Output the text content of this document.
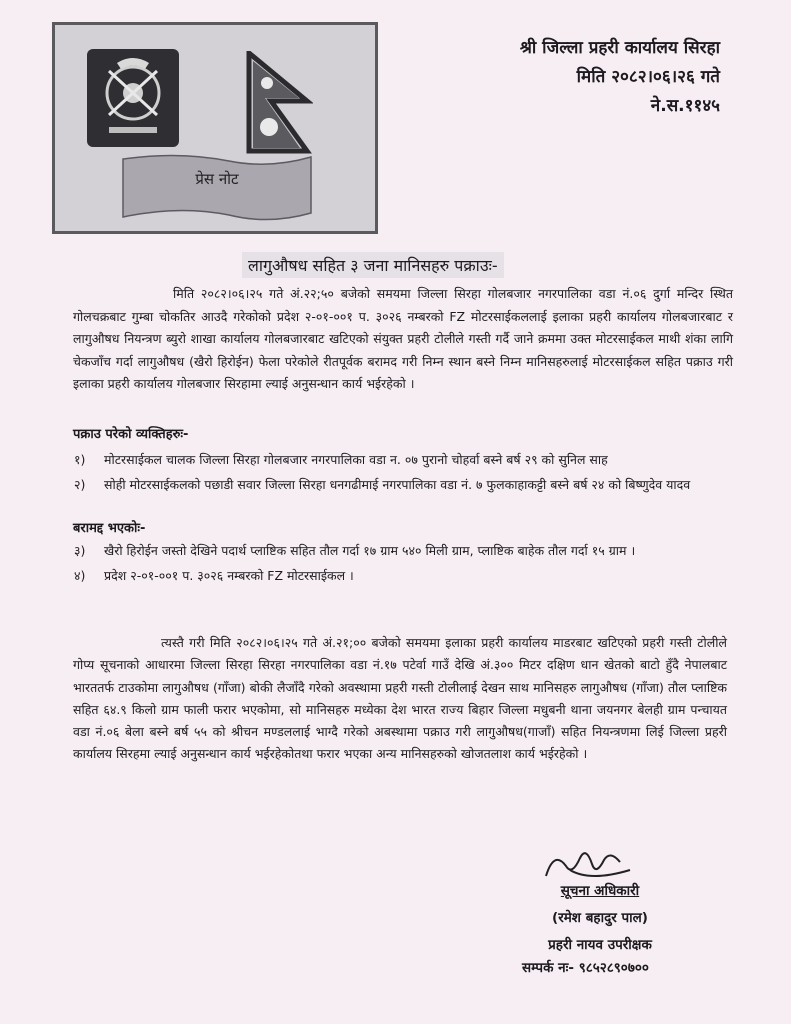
प्रेस नोट
श्री जिल्ला प्रहरी कार्यालय सिरहा
मिति २०८२।०६।२६ गते
ने.स.११४५
लागुऔषध सहित ३ जना मानिसहरु पक्राउः-

मिति २०८२।०६।२५ गते अं.२२;५० बजेको समयमा जिल्ला सिरहा गोलबजार नगरपालिका वडा नं.०६ दुर्गा मन्दिर स्थित गोलचक्रबाट गुम्बा चोकतिर आउदै गरेकोको प्रदेश २-०१-००१ प. ३०२६ नम्बरको FZ मोटरसाईकललाई इलाका प्रहरी कार्यालय गोलबजारबाट र लागुऔषध नियन्त्रण ब्युरो शाखा कार्यालय गोलबजारबाट खटिएको संयुक्त प्रहरी टोलीले गस्ती गर्दै जाने क्रममा उक्त मोटरसाईकल माथी शंका लागि चेकजाँच गर्दा लागुऔषध (खैरो हिरोईन) फेला परेकोले रीतपूर्वक बरामद गरी निम्न स्थान बस्ने निम्न मानिसहरुलाई मोटरसाईकल सहित पक्राउ गरी इलाका प्रहरी कार्यालय गोलबजार सिरहामा ल्याई अनुसन्धान कार्य भईरहेको ।

पक्राउ परेको व्यक्तिहरुः-
१)	मोटरसाईकल चालक जिल्ला सिरहा गोलबजार नगरपालिका वडा न. ०७ पुरानो चोहर्वा बस्ने बर्ष २९ को सुनिल साह
२)	सोही मोटरसाईकलको पछाडी सवार जिल्ला सिरहा धनगढीमाई नगरपालिका वडा नं. ७ फुलकाहाकट्टी बस्ने बर्ष २४ को बिष्णुदेव यादव
बरामद्द भएकोः-
३)	खैरो हिरोईन जस्तो देखिने पदार्थ प्लाष्टिक सहित तौल गर्दा १७ ग्राम ५४० मिली ग्राम, प्लाष्टिक बाहेक तौल गर्दा १५ ग्राम ।
४)	प्रदेश २-०१-००१ प. ३०२६ नम्बरको FZ मोटरसाईकल ।

त्यस्तै गरी मिति २०८२।०६।२५ गते अं.२१;०० बजेको समयमा इलाका प्रहरी कार्यालय माडरबाट खटिएको प्रहरी गस्ती टोलीले गोप्य सूचनाको आधारमा जिल्ला सिरहा सिरहा नगरपालिका वडा नं.१७ पटेर्वा गाउँ देखि अं.३०० मिटर दक्षिण धान खेतको बाटो हुँदै नेपालबाट भारततर्फ टाउकोमा लागुऔषध (गाँजा) बोकी लैजाँदै गरेको अवस्थामा प्रहरी गस्ती टोलीलाई देखन साथ मानिसहरु लागुऔषध (गाँजा) तौल प्लाष्टिक सहित ६४.९ किलो ग्राम फाली फरार भएकोमा, सो मानिसहरु मध्येका देश भारत राज्य बिहार जिल्ला मधुबनी थाना जयनगर बेलही ग्राम पन्चायत वडा नं.०६ बेला बस्ने बर्ष ५५ को श्रीचन मण्डललाई भाग्दै गरेको अबस्थामा पक्राउ गरी लागुऔषध(गाजाँ) सहित नियन्त्रणमा लिई जिल्ला प्रहरी कार्यालय सिरहमा ल्याई अनुसन्धान कार्य भईरहेकोतथा फरार भएका अन्य मानिसहरुको खोजतलाश कार्य भईरहेको ।

सूचना अधिकारी
(रमेश बहादुर पाल)
प्रहरी नायव उपरीक्षक
सम्पर्क नः- ९८५२८९०७००
